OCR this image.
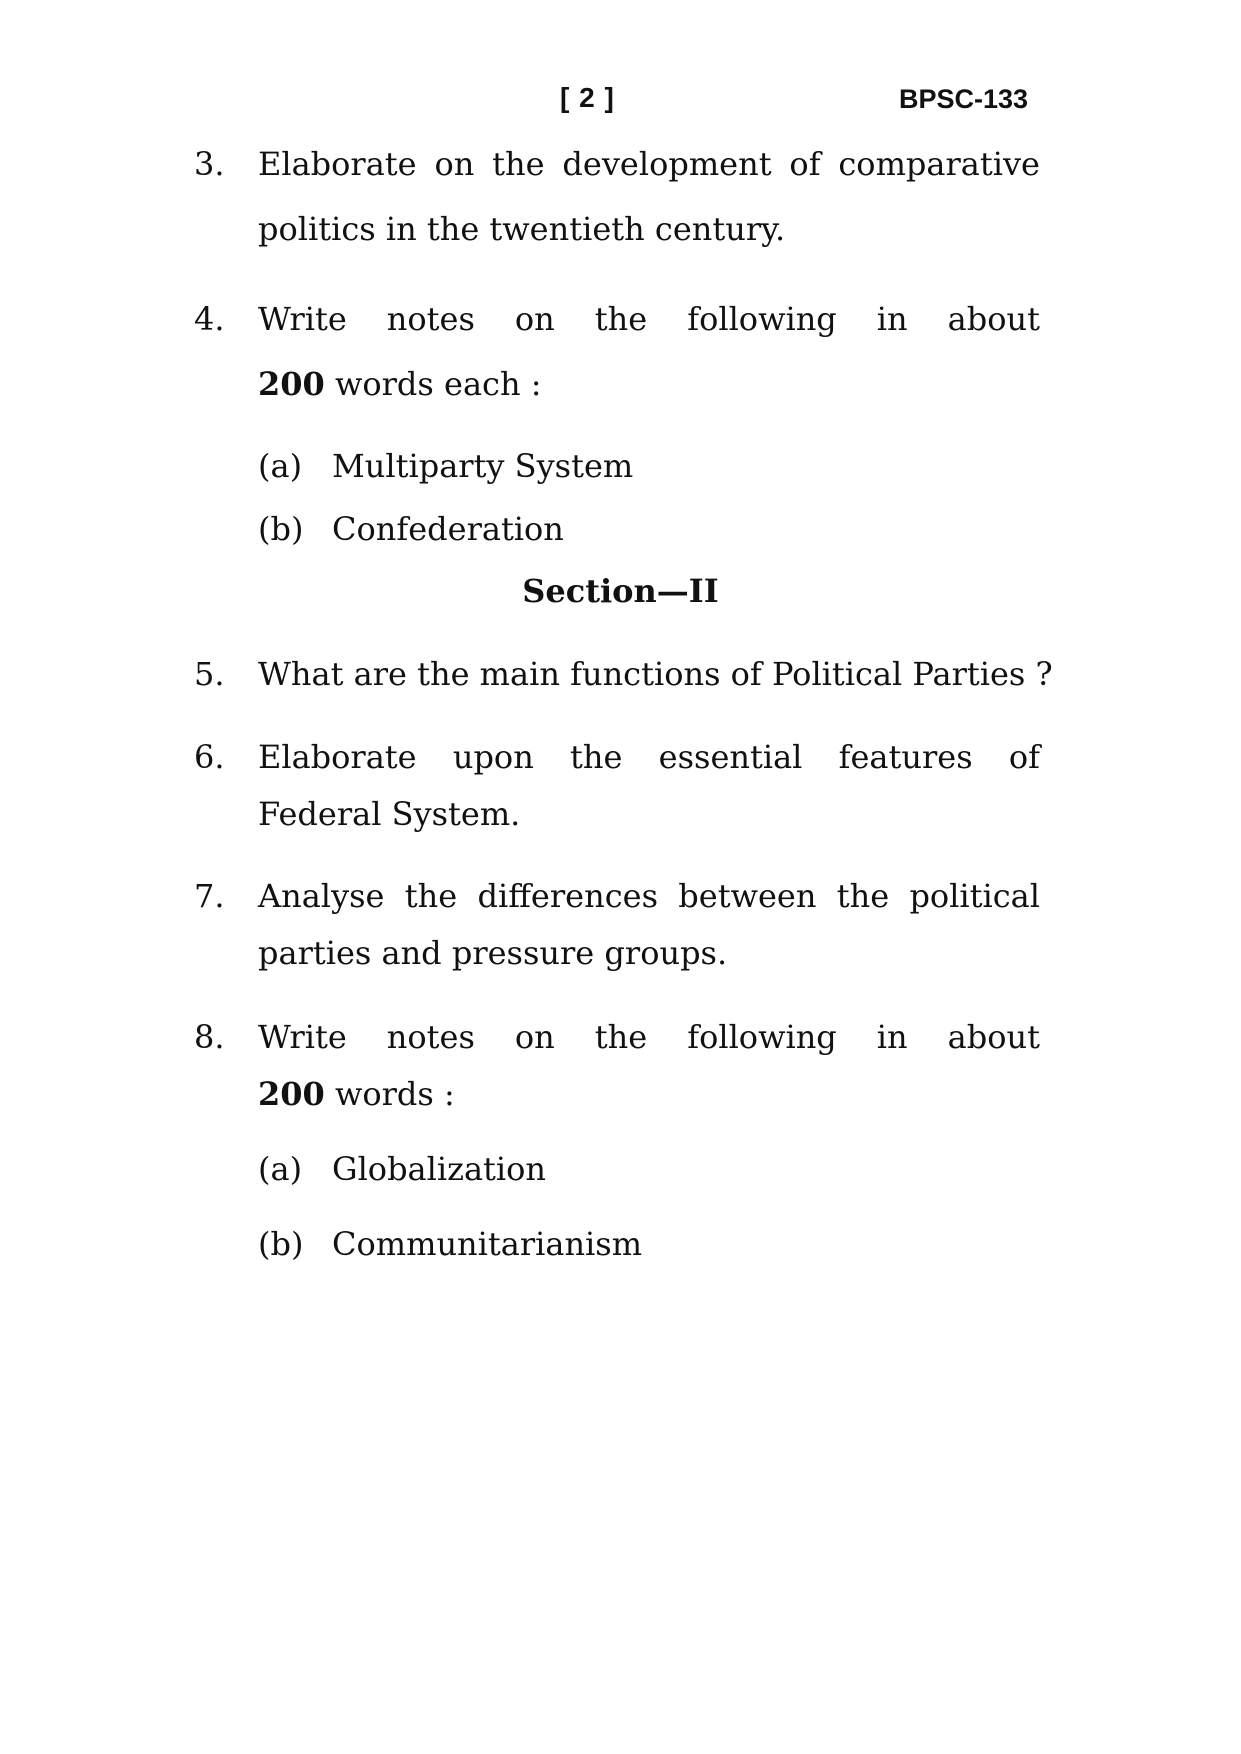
[ 2 ]	BPSC-133
3. Elaborate on the development of comparative
politics in the twentieth century.
4. Write notes on the following in about
200 words each :
(a) Multiparty System
(b) Confederation
Section—II
5. What are the main functions of Political Parties ?
6. Elaborate upon the essential features of
Federal System.
7. Analyse the differences between the political
parties and pressure groups.
8. Write notes on the following in about
200 words :
(a) Globalization
(b) Communitarianism
